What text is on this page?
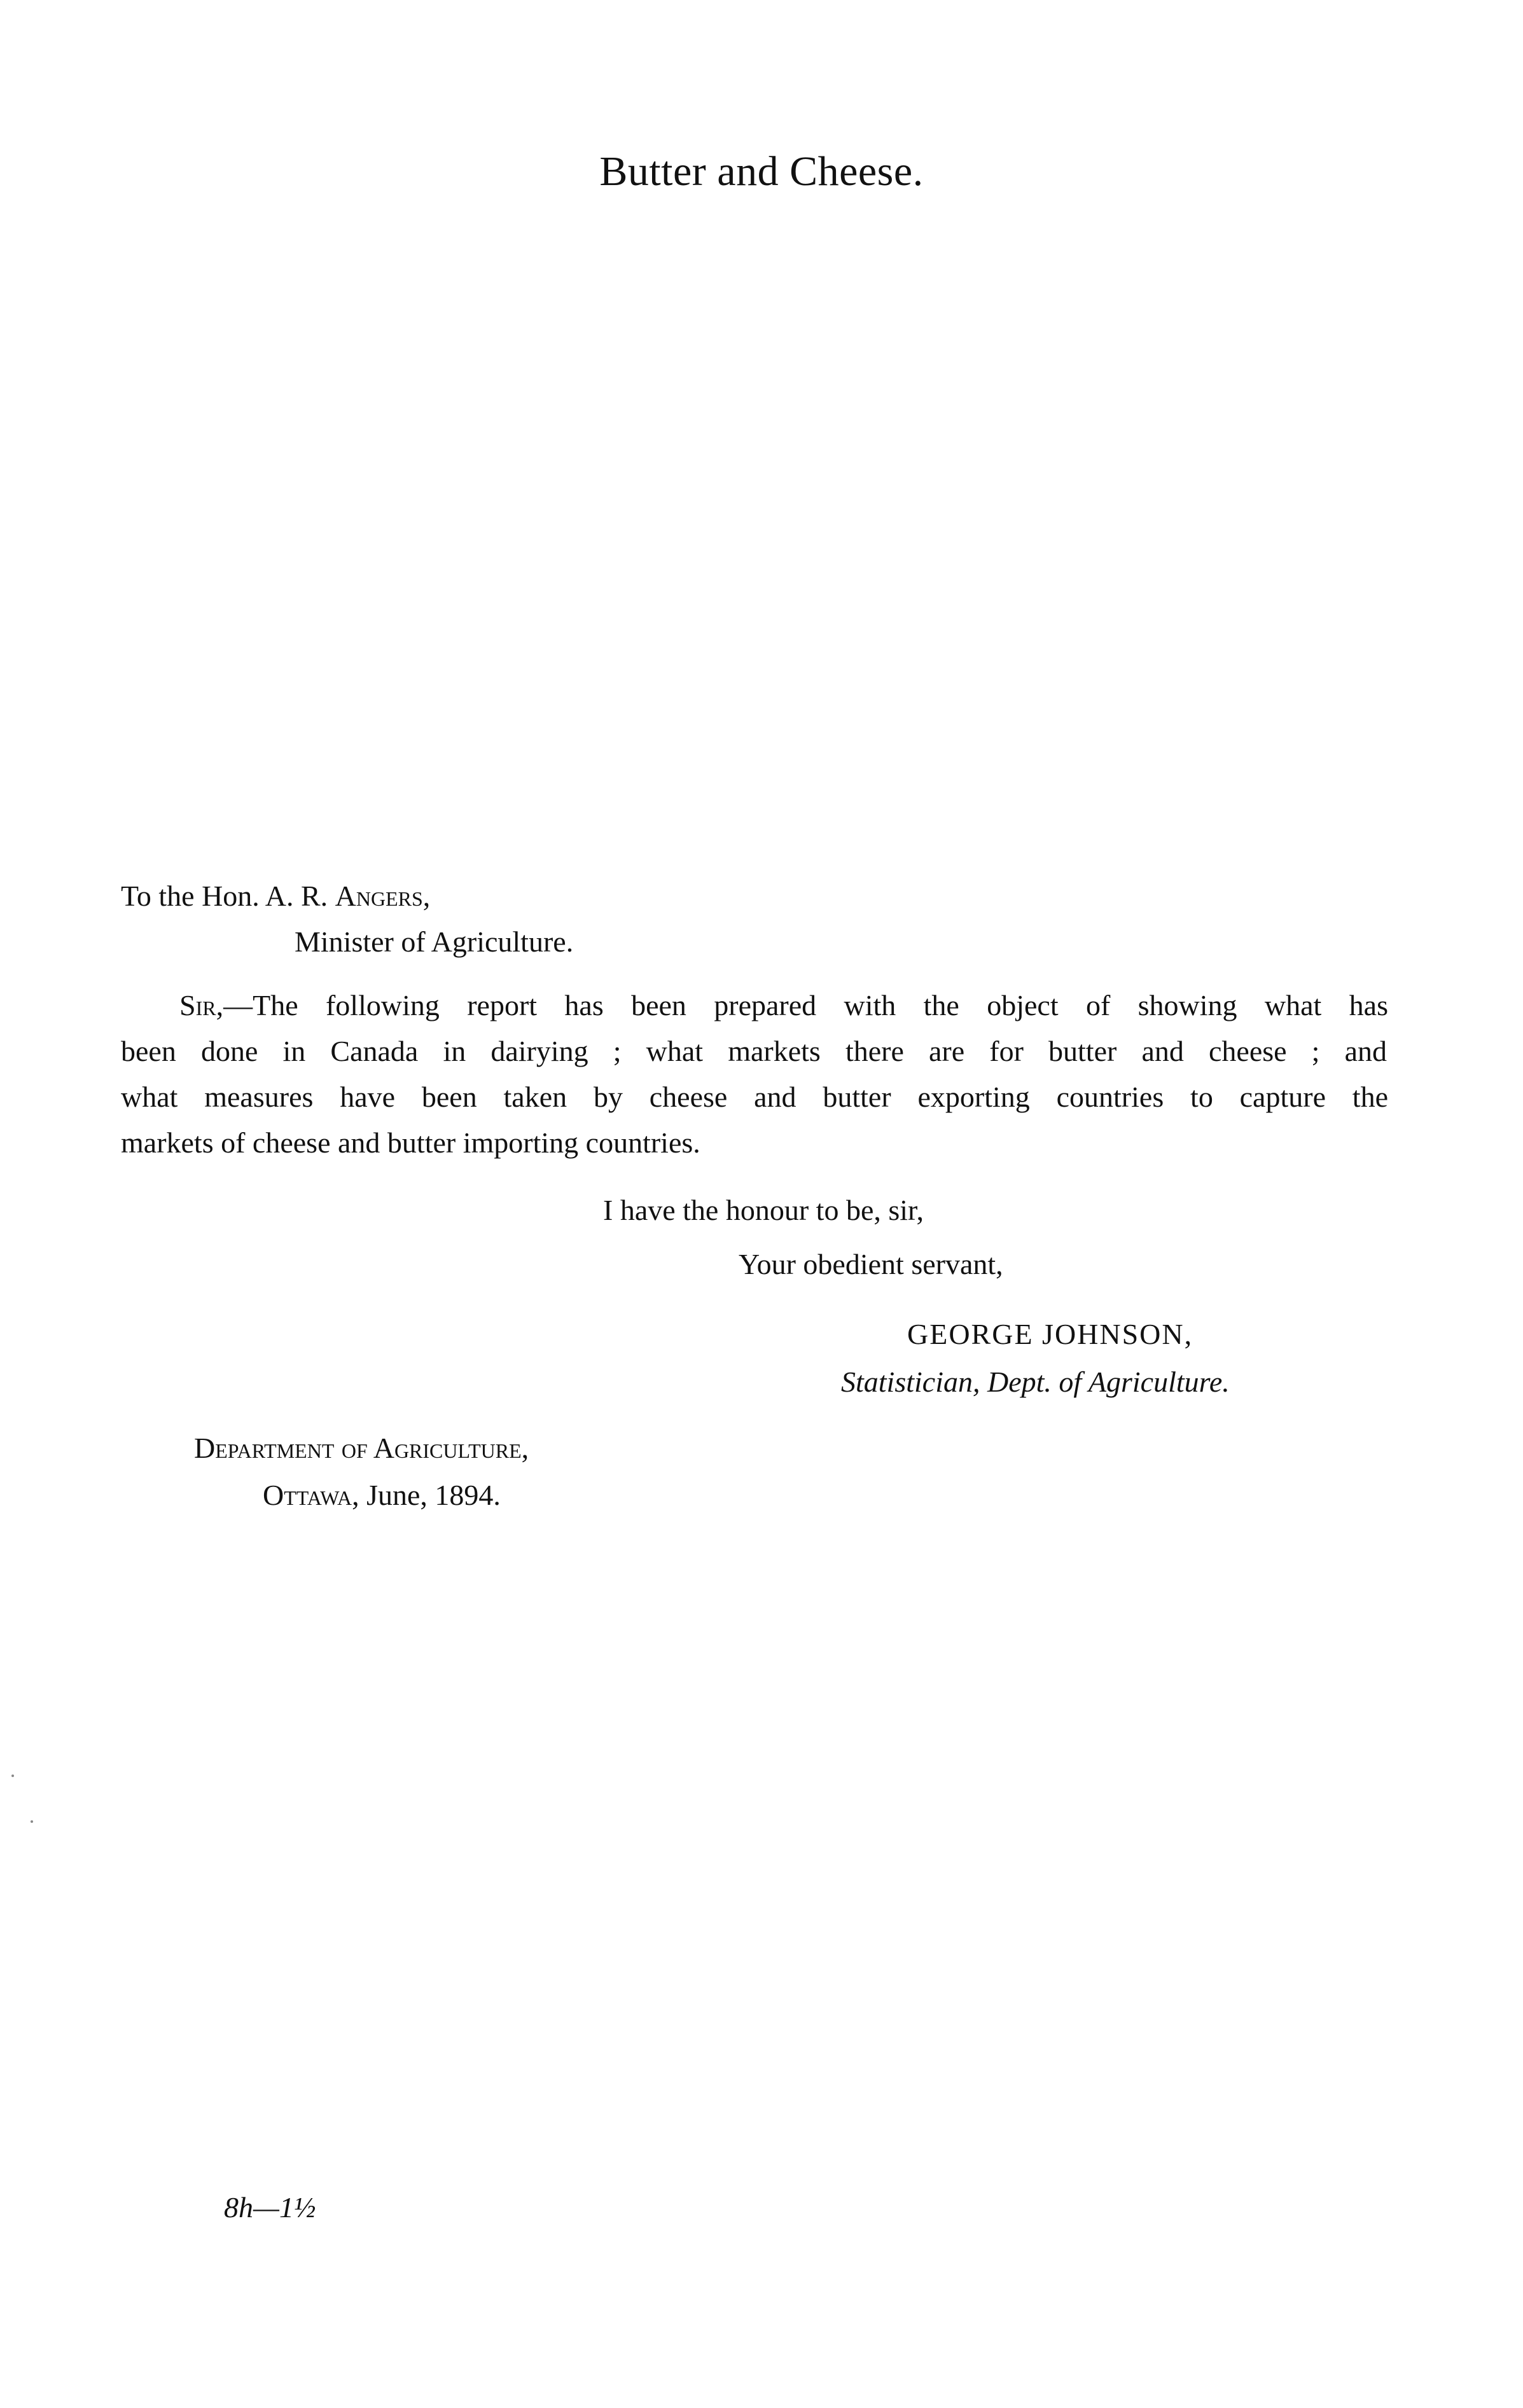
Butter and Cheese.
To the Hon. A. R. Angers,
Minister of Agriculture.
Sir,—The following report has been prepared with the object of showing what has
been done in Canada in dairying ; what markets there are for butter and cheese ; and
what measures have been taken by cheese and butter exporting countries to capture the
markets of cheese and butter importing countries.
I have the honour to be, sir,
Your obedient servant,
GEORGE JOHNSON,
Statistician, Dept. of Agriculture.
Department of Agriculture,
Ottawa, June, 1894.
8h—1½
